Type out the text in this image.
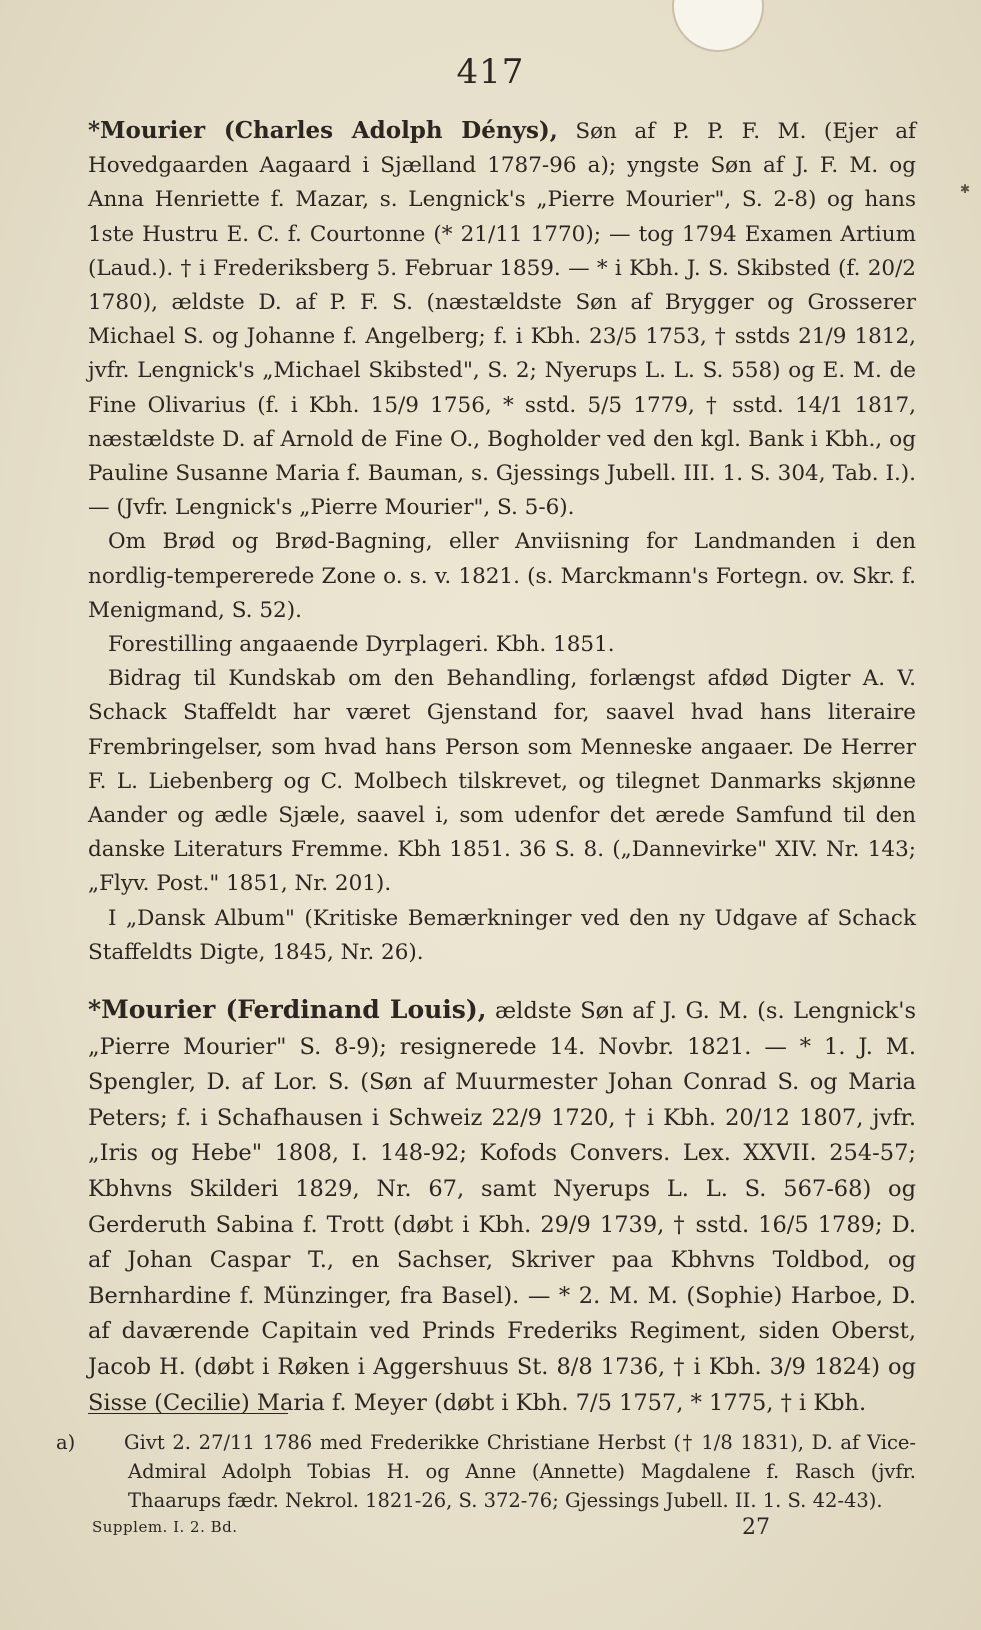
✱
417

*Mourier (Charles Adolph Dénys), Søn af P. P. F. M. (Ejer af Hovedgaarden Aagaard i Sjælland 1787-96 a); yngste Søn af J. F. M. og Anna Henriette f. Mazar, s. Lengnick's „Pierre Mourier", S. 2-8) og hans 1ste Hustru E. C. f. Courtonne (* 21/11 1770); — tog 1794 Examen Artium (Laud.). † i Frederiksberg 5. Februar 1859. — * i Kbh. J. S. Skibsted (f. 20/2 1780), ældste D. af P. F. S. (næstældste Søn af Brygger og Grosserer Michael S. og Johanne f. Angelberg; f. i Kbh. 23/5 1753, † sstds 21/9 1812, jvfr. Lengnick's „Michael Skibsted", S. 2; Nyerups L. L. S. 558) og E. M. de Fine Olivarius (f. i Kbh. 15/9 1756, * sstd. 5/5 1779, † sstd. 14/1 1817, næstældste D. af Arnold de Fine O., Bogholder ved den kgl. Bank i Kbh., og Pauline Susanne Maria f. Bauman, s. Gjessings Jubell. III. 1. S. 304, Tab. I.). — (Jvfr. Lengnick's „Pierre Mourier", S. 5-6).

Om Brød og Brød-Bagning, eller Anviisning for Landmanden i den nordlig-tempererede Zone o. s. v. 1821. (s. Marckmann's Fortegn. ov. Skr. f. Menigmand, S. 52).

Forestilling angaaende Dyrplageri. Kbh. 1851.

Bidrag til Kundskab om den Behandling, forlængst afdød Digter A. V. Schack Staffeldt har været Gjenstand for, saavel hvad hans literaire Frembringelser, som hvad hans Person som Menneske angaaer. De Herrer F. L. Liebenberg og C. Molbech tilskrevet, og tilegnet Danmarks skjønne Aander og ædle Sjæle, saavel i, som udenfor det ærede Samfund til den danske Literaturs Fremme. Kbh 1851. 36 S. 8. („Dannevirke" XIV. Nr. 143; „Flyv. Post." 1851, Nr. 201).

I „Dansk Album" (Kritiske Bemærkninger ved den ny Udgave af Schack Staffeldts Digte, 1845, Nr. 26).

*Mourier (Ferdinand Louis), ældste Søn af J. G. M. (s. Lengnick's „Pierre Mourier" S. 8-9); resignerede 14. Novbr. 1821. — * 1. J. M. Spengler, D. af Lor. S. (Søn af Muurmester Johan Conrad S. og Maria Peters; f. i Schafhausen i Schweiz 22/9 1720, † i Kbh. 20/12 1807, jvfr. „Iris og Hebe" 1808, I. 148-92; Kofods Convers. Lex. XXVII. 254-57; Kbhvns Skilderi 1829, Nr. 67, samt Nyerups L. L. S. 567-68) og Gerderuth Sabina f. Trott (døbt i Kbh. 29/9 1739, † sstd. 16/5 1789; D. af Johan Caspar T., en Sachser, Skriver paa Kbhvns Toldbod, og Bernhardine f. Münzinger, fra Basel). — * 2. M. M. (Sophie) Harboe, D. af daværende Capitain ved Prinds Frederiks Regiment, siden Oberst, Jacob H. (døbt i Røken i Aggershuus St. 8/8 1736, † i Kbh. 3/9 1824) og Sisse (Cecilie) Maria f. Meyer (døbt i Kbh. 7/5 1757, * 1775, † i Kbh.

a)	Givt 2. 27/11 1786 med Frederikke Christiane Herbst († 1/8 1831), D. af Vice-Admiral Adolph Tobias H. og Anne (Annette) Magdalene f. Rasch (jvfr. Thaarups fædr. Nekrol. 1821-26, S. 372-76; Gjessings Jubell. II. 1. S. 42-43).

Supplem. I. 2. Bd.	27
